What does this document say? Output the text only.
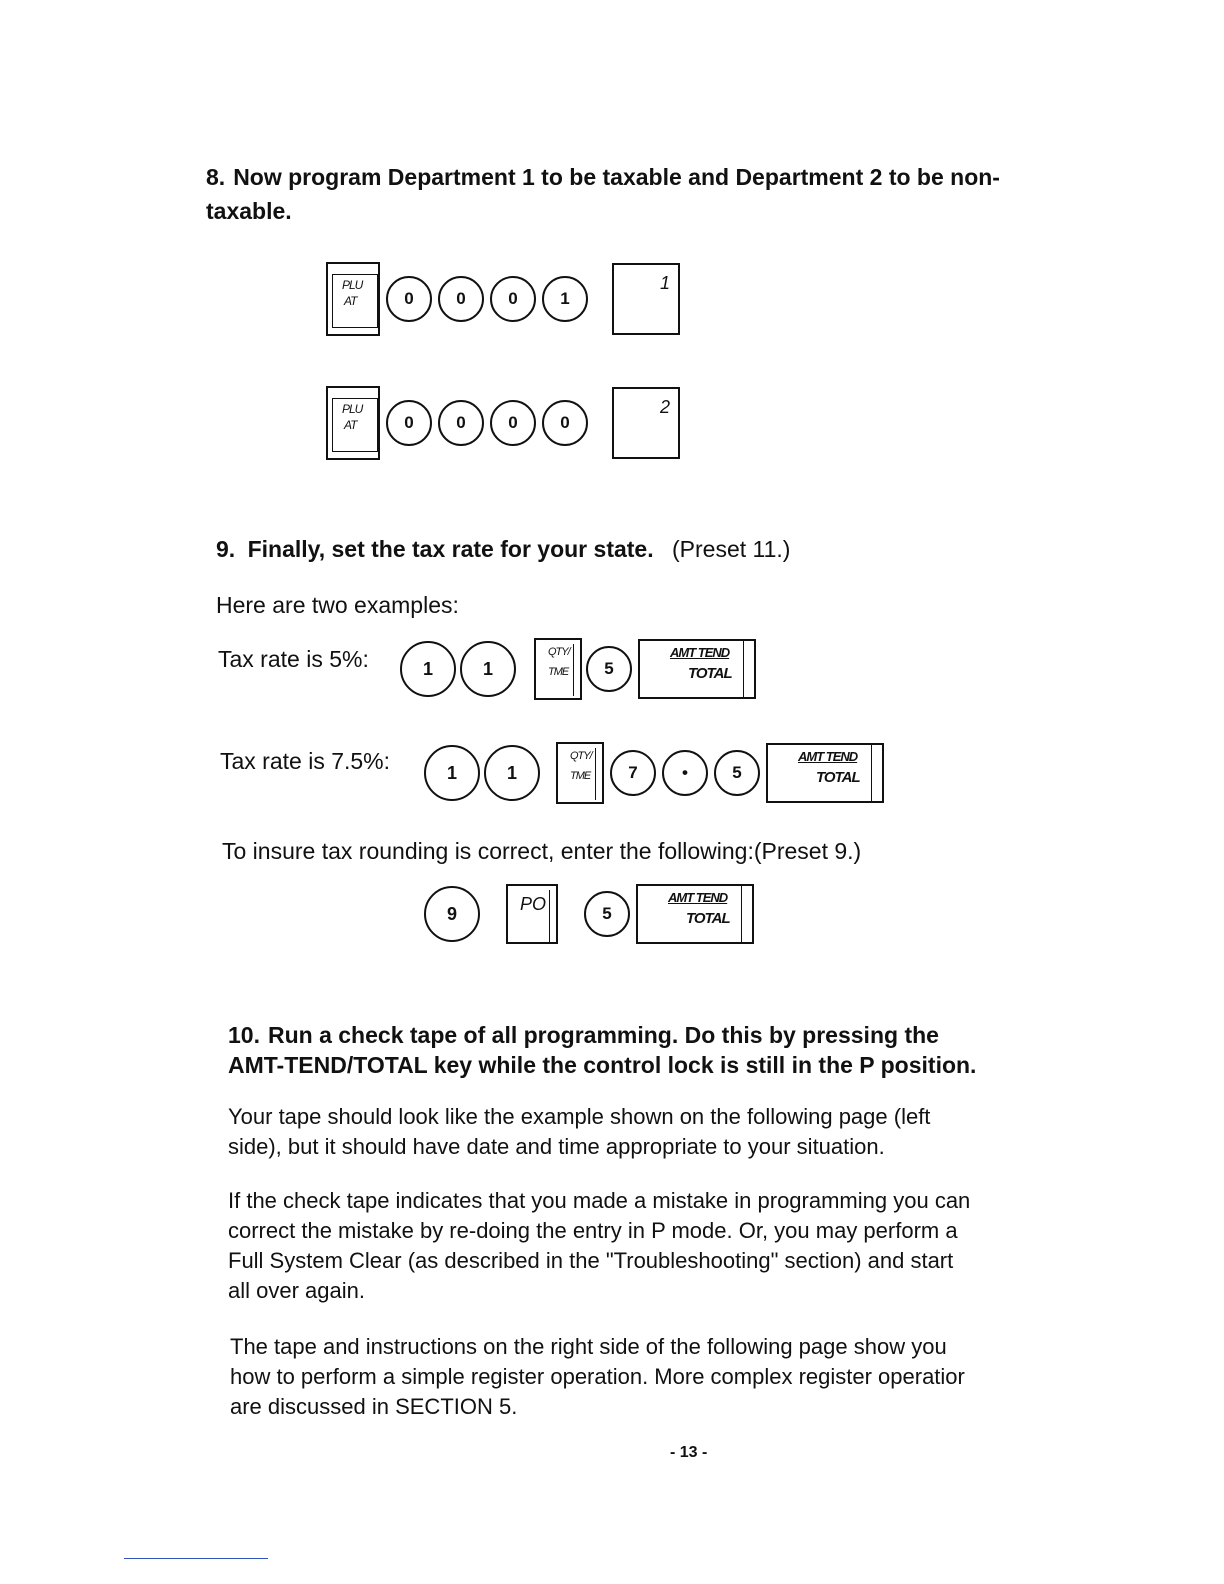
8. Now program Department 1 to be taxable and Department 2 to be non-
taxable.
PLU
AT	0	0	0	1
1
PLU
AT	0	0	0	0
2
9. Finally, set the tax rate for your state. (Preset 11.)
Here are two examples:
Tax rate is 5%:	1	1
QTY/
TME	5
AMT TEND
TOTAL
Tax rate is 7.5%:	1	1
QTY/
TME	7	•	5
AMT TEND
TOTAL
To insure tax rounding is correct, enter the following:(Preset 9.)
9	PO	5
AMT TEND
TOTAL
10. Run a check tape of all programming. Do this by pressing the
AMT-TEND/TOTAL key while the control lock is still in the P position.
Your tape should look like the example shown on the following page (left
side), but it should have date and time appropriate to your situation.
If the check tape indicates that you made a mistake in programming you can
correct the mistake by re-doing the entry in P mode. Or, you may perform a
Full System Clear (as described in the "Troubleshooting" section) and start
all over again.
The tape and instructions on the right side of the following page show you
how to perform a simple register operation. More complex register operatior
are discussed in SECTION 5.
- 13 -
